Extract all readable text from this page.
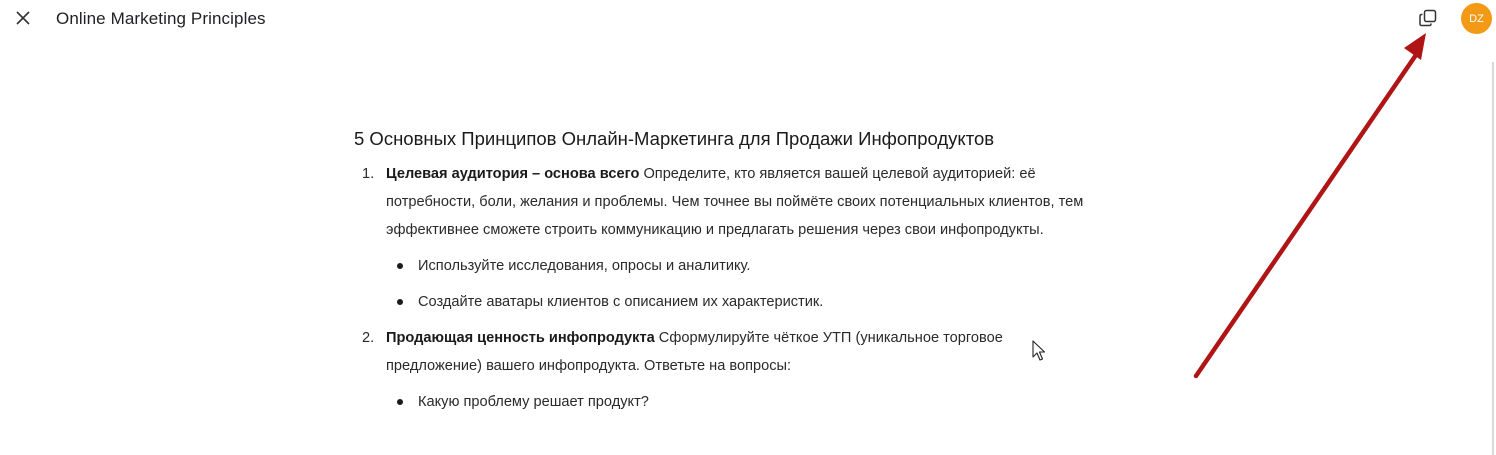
Online Marketing Principles	DZ
5 Основных Принципов Онлайн-Маркетинга для Продажи Инфопродуктов
1. Целевая аудитория – основа всего Определите, кто является вашей целевой аудиторией: её потребности, боли, желания и проблемы. Чем точнее вы поймёте своих потенциальных клиентов, тем эффективнее сможете строить коммуникацию и предлагать решения через свои инфопродукты.
Используйте исследования, опросы и аналитику.
Создайте аватары клиентов с описанием их характеристик.
2. Продающая ценность инфопродукта Сформулируйте чёткое УТП (уникальное торговое предложение) вашего инфопродукта. Ответьте на вопросы:
Какую проблему решает продукт?
